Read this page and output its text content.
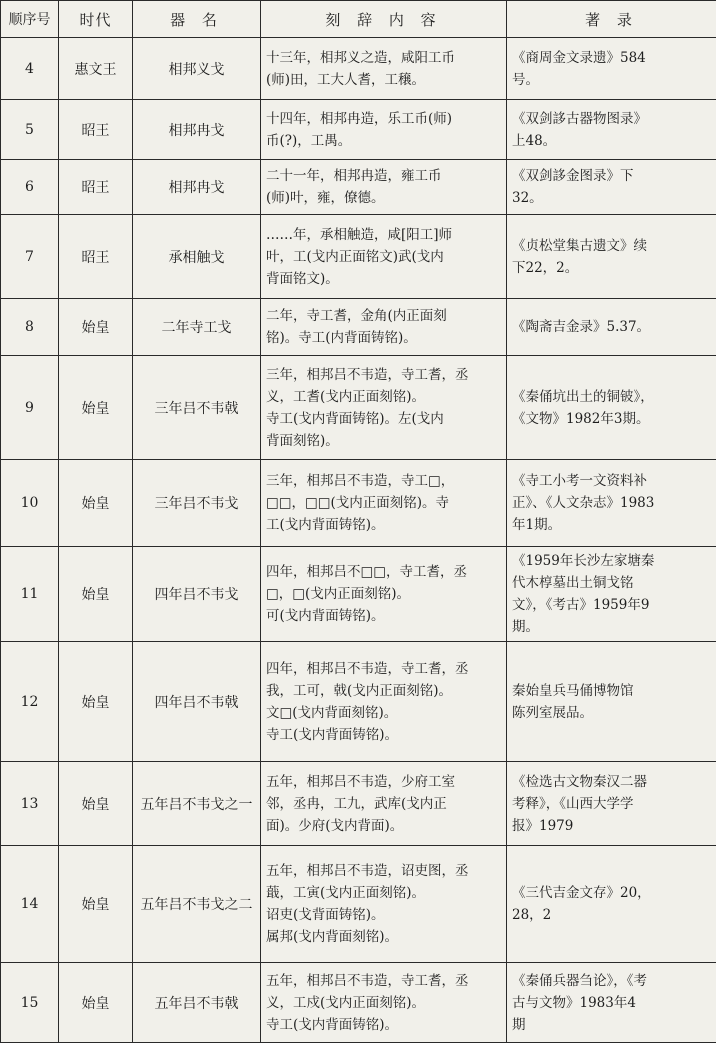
顺序号	时代	器 名	刻 辞 内 容	著 录
4	惠文王	相邦义戈	十三年，相邦义之造，咸阳工币
(师)田，工大人耆，工穣。	《商周金文录遗》584
号。

5	昭王	相邦冉戈	十四年，相邦冉造，乐工币(师)
币(?)，工禺。	《双剑誃古器物图录》
上48。

6	昭王	相邦冉戈	二十一年，相邦冉造，雍工币
(师)叶，雍，僚德。	《双剑誃金图录》下
32。

7	昭王	承相触戈	……年，承相触造，咸[阳工]师
叶，工(戈内正面铭文)武(戈内
背面铭文)。	《贞松堂集古遗文》续
下22，2。

8	始皇	二年寺工戈	二年，寺工耆，金角(内正面刻
铭)。寺工(内背面铸铭)。	《陶斋吉金录》5.37。

9	始皇	三年吕不韦戟	三年，相邦吕不韦造，寺工耆，丞
义，工耆(戈内正面刻铭)。
寺工(戈内背面铸铭)。左(戈内
背面刻铭)。	《秦俑坑出土的铜铍》，
《文物》1982年3期。

10	始皇	三年吕不韦戈	三年，相邦吕不韦造，寺工□，
□□，□□(戈内正面刻铭)。寺
工(戈内背面铸铭)。	《寺工小考一文资料补
正》、《人文杂志》1983
年1期。

11	始皇	四年吕不韦戈	四年，相邦吕不□□，寺工耆，丞
□，□(戈内正面刻铭)。
可(戈内背面铸铭)。	《1959年长沙左家塘秦
代木椁墓出土铜戈铭
文》，《考古》1959年9
期。

12	始皇	四年吕不韦戟	四年，相邦吕不韦造，寺工耆，丞
我，工可，戟(戈内正面刻铭)。
文□(戈内背面刻铭)。
寺工(戈内背面铸铭)。	秦始皇兵马俑博物馆
陈列室展品。

13	始皇	五年吕不韦戈之一	五年，相邦吕不韦造，少府工室
邻，丞冉，工九，武库(戈内正
面)。少府(戈内背面)。	《检选古文物秦汉二器
考释》，《山西大学学
报》1979

14	始皇	五年吕不韦戈之二	五年，相邦吕不韦造，诏吏图，丞
蕺，工寅(戈内正面刻铭)。
诏吏(戈背面铸铭)。
属邦(戈内背面刻铭)。	《三代吉金文存》20，
28，2

15	始皇	五年吕不韦戟	五年，相邦吕不韦造，寺工耆，丞
义，工戍(戈内正面刻铭)。
寺工(戈内背面铸铭)。	《秦俑兵器刍论》，《考
古与文物》1983年4
期
